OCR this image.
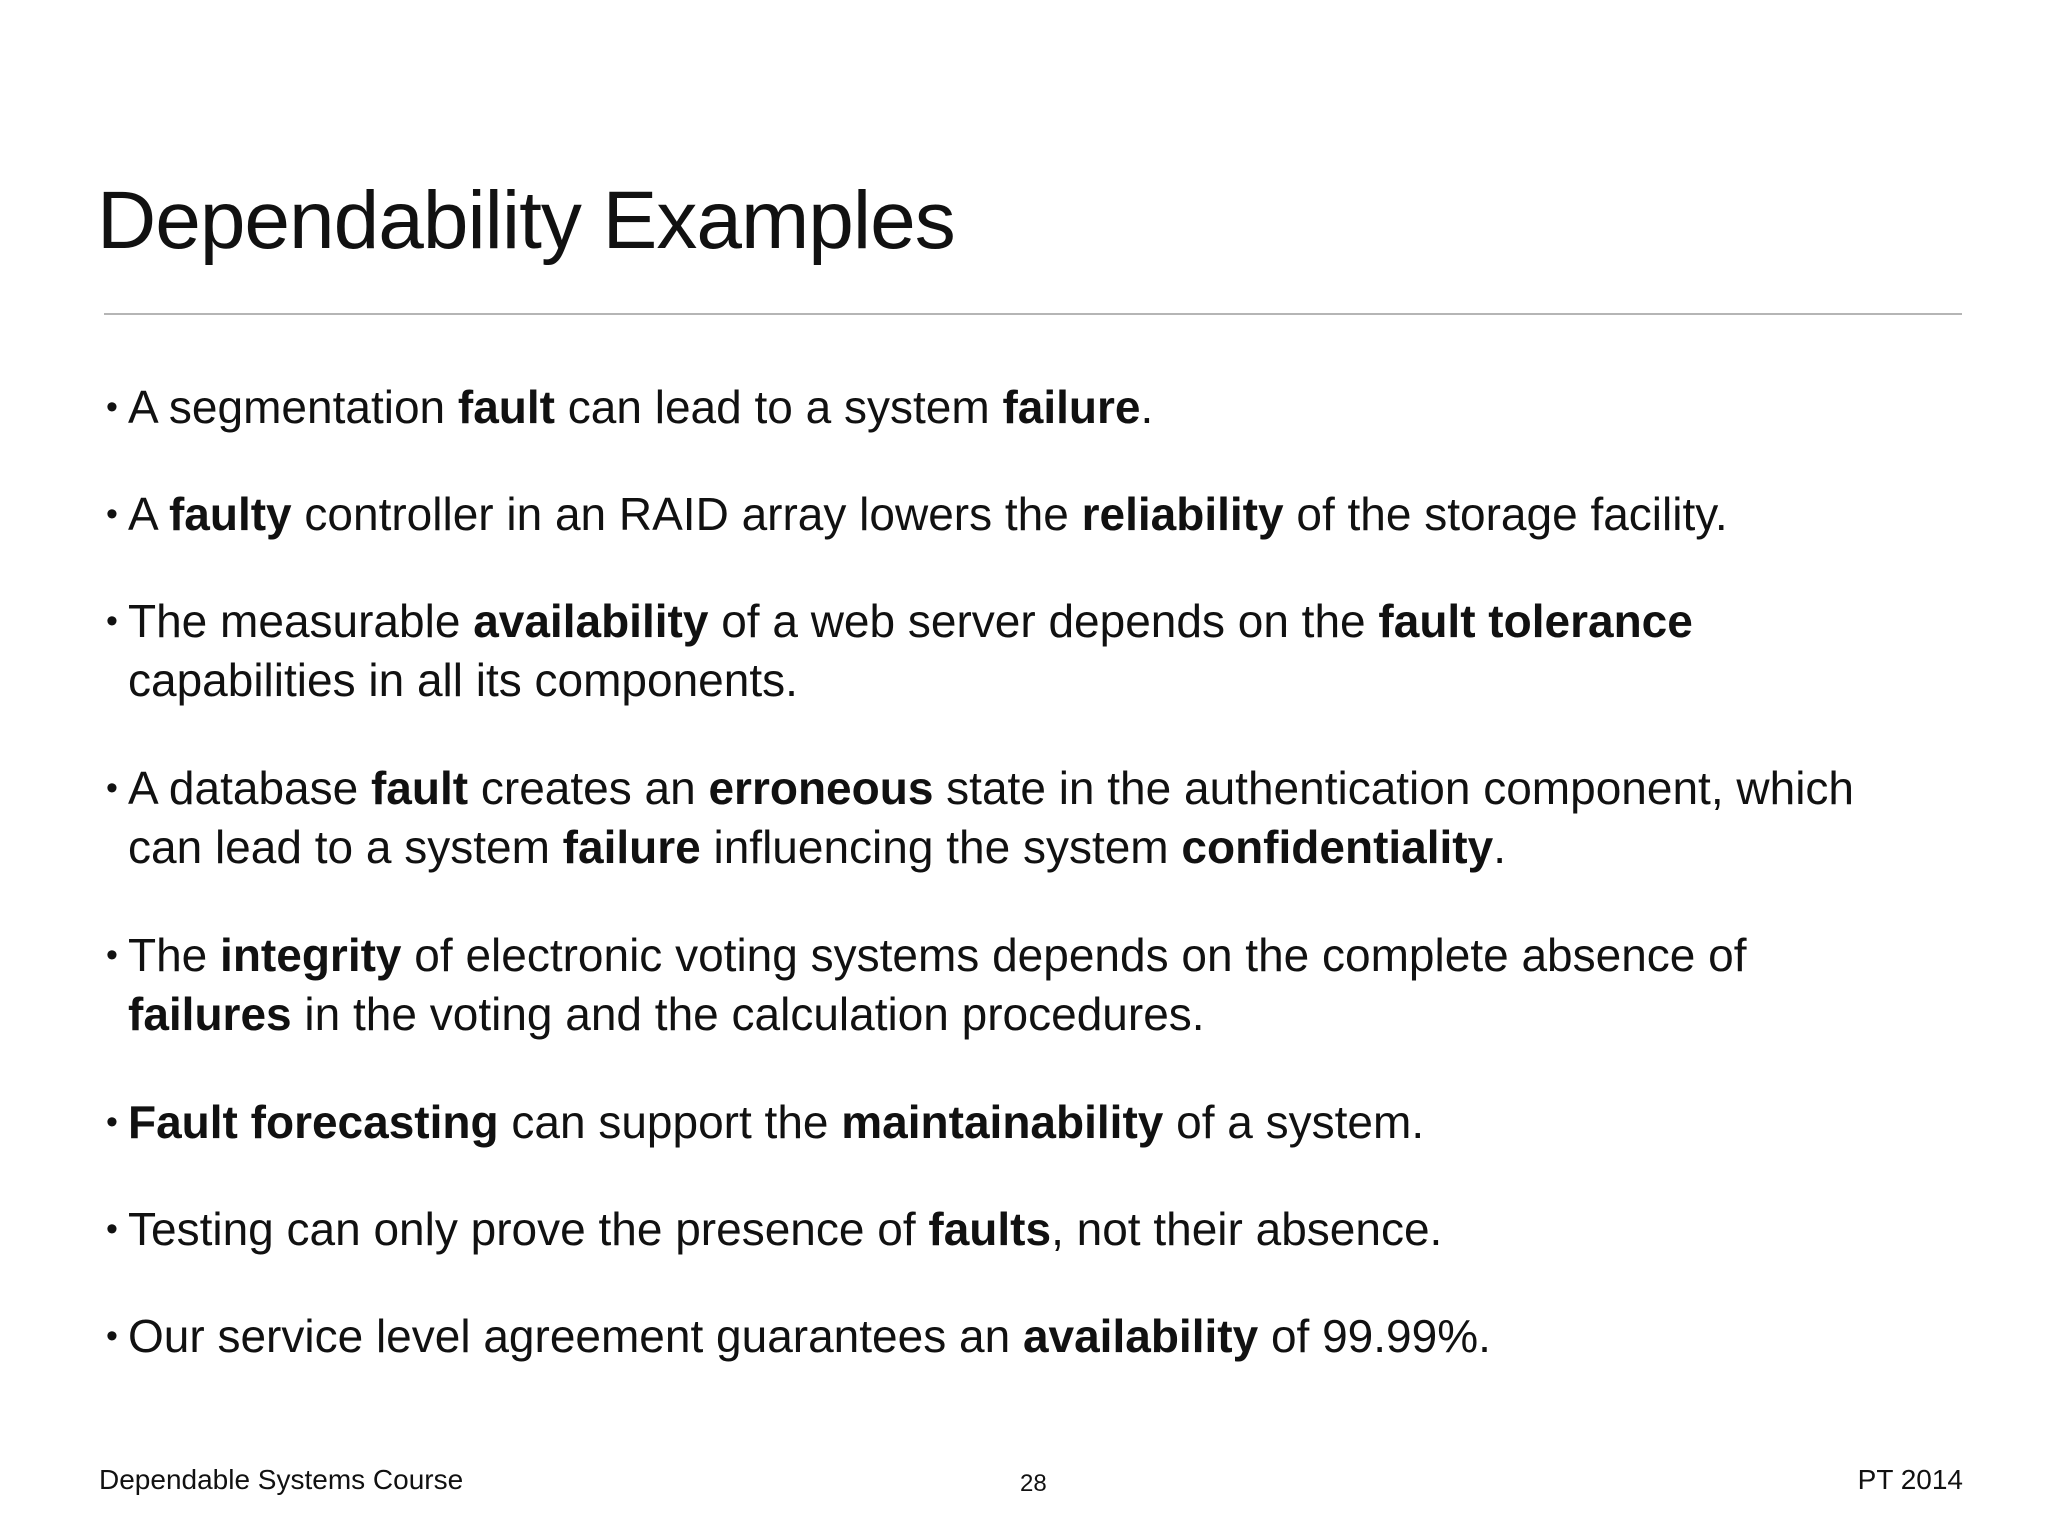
Dependability Examples
• A segmentation fault can lead to a system failure.
• A faulty controller in an RAID array lowers the reliability of the storage facility.
• The measurable availability of a web server depends on the fault tolerance
capabilities in all its components.
• A database fault creates an erroneous state in the authentication component, which
can lead to a system failure influencing the system confidentiality.
• The integrity of electronic voting systems depends on the complete absence of
failures in the voting and the calculation procedures.
• Fault forecasting can support the maintainability of a system.
• Testing can only prove the presence of faults, not their absence.
• Our service level agreement guarantees an availability of 99.99%.
Dependable Systems Course	28	PT 2014
